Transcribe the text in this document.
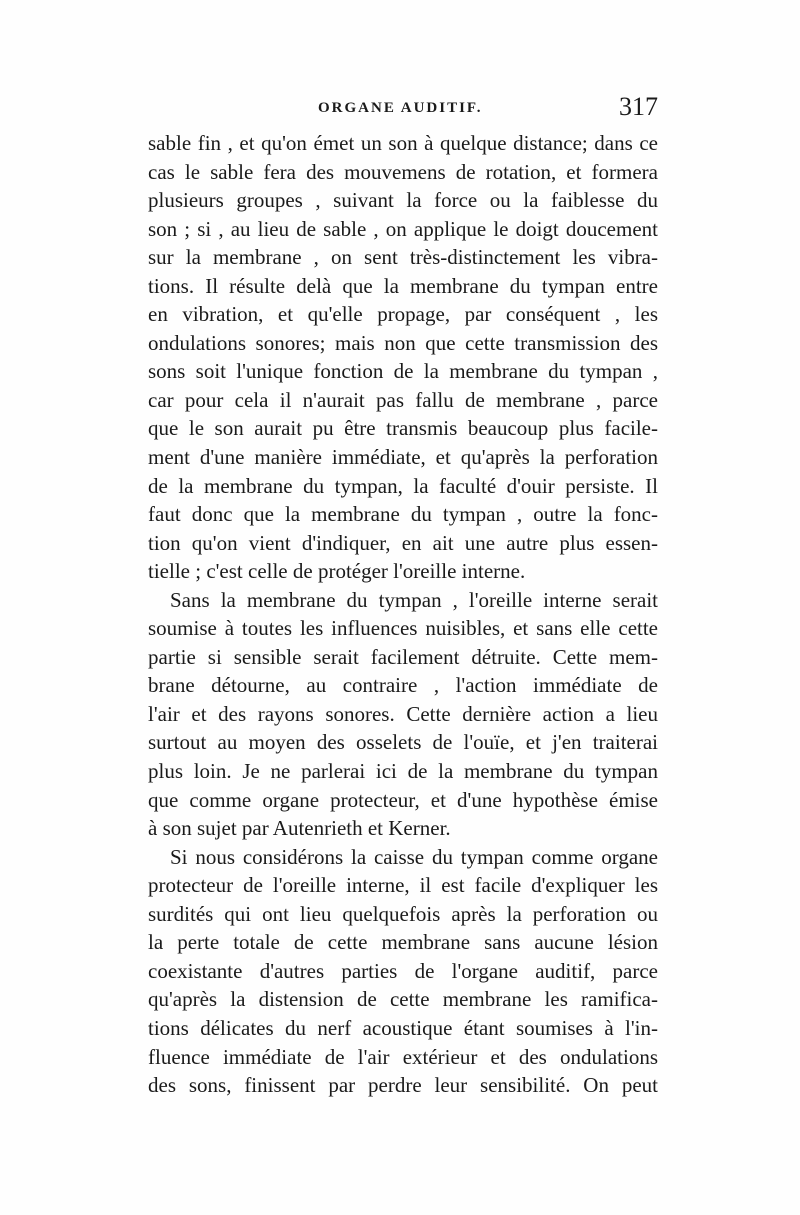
ORGANE AUDITIF.	317
sable fin , et qu'on émet un son à quelque distance; dans ce
cas le sable fera des mouvemens de rotation, et formera
plusieurs groupes , suivant la force ou la faiblesse du
son ; si , au lieu de sable , on applique le doigt doucement
sur la membrane , on sent très-distinctement les vibra-
tions. Il résulte delà que la membrane du tympan entre
en vibration, et qu'elle propage, par conséquent , les
ondulations sonores; mais non que cette transmission des
sons soit l'unique fonction de la membrane du tympan ,
car pour cela il n'aurait pas fallu de membrane , parce
que le son aurait pu être transmis beaucoup plus facile-
ment d'une manière immédiate, et qu'après la perforation
de la membrane du tympan, la faculté d'ouir persiste. Il
faut donc que la membrane du tympan , outre la fonc-
tion qu'on vient d'indiquer, en ait une autre plus essen-
tielle ; c'est celle de protéger l'oreille interne.
Sans la membrane du tympan , l'oreille interne serait
soumise à toutes les influences nuisibles, et sans elle cette
partie si sensible serait facilement détruite. Cette mem-
brane détourne, au contraire , l'action immédiate de
l'air et des rayons sonores. Cette dernière action a lieu
surtout au moyen des osselets de l'ouïe, et j'en traiterai
plus loin. Je ne parlerai ici de la membrane du tympan
que comme organe protecteur, et d'une hypothèse émise
à son sujet par Autenrieth et Kerner.
Si nous considérons la caisse du tympan comme organe
protecteur de l'oreille interne, il est facile d'expliquer les
surdités qui ont lieu quelquefois après la perforation ou
la perte totale de cette membrane sans aucune lésion
coexistante d'autres parties de l'organe auditif, parce
qu'après la distension de cette membrane les ramifica-
tions délicates du nerf acoustique étant soumises à l'in-
fluence immédiate de l'air extérieur et des ondulations
des sons, finissent par perdre leur sensibilité. On peut
